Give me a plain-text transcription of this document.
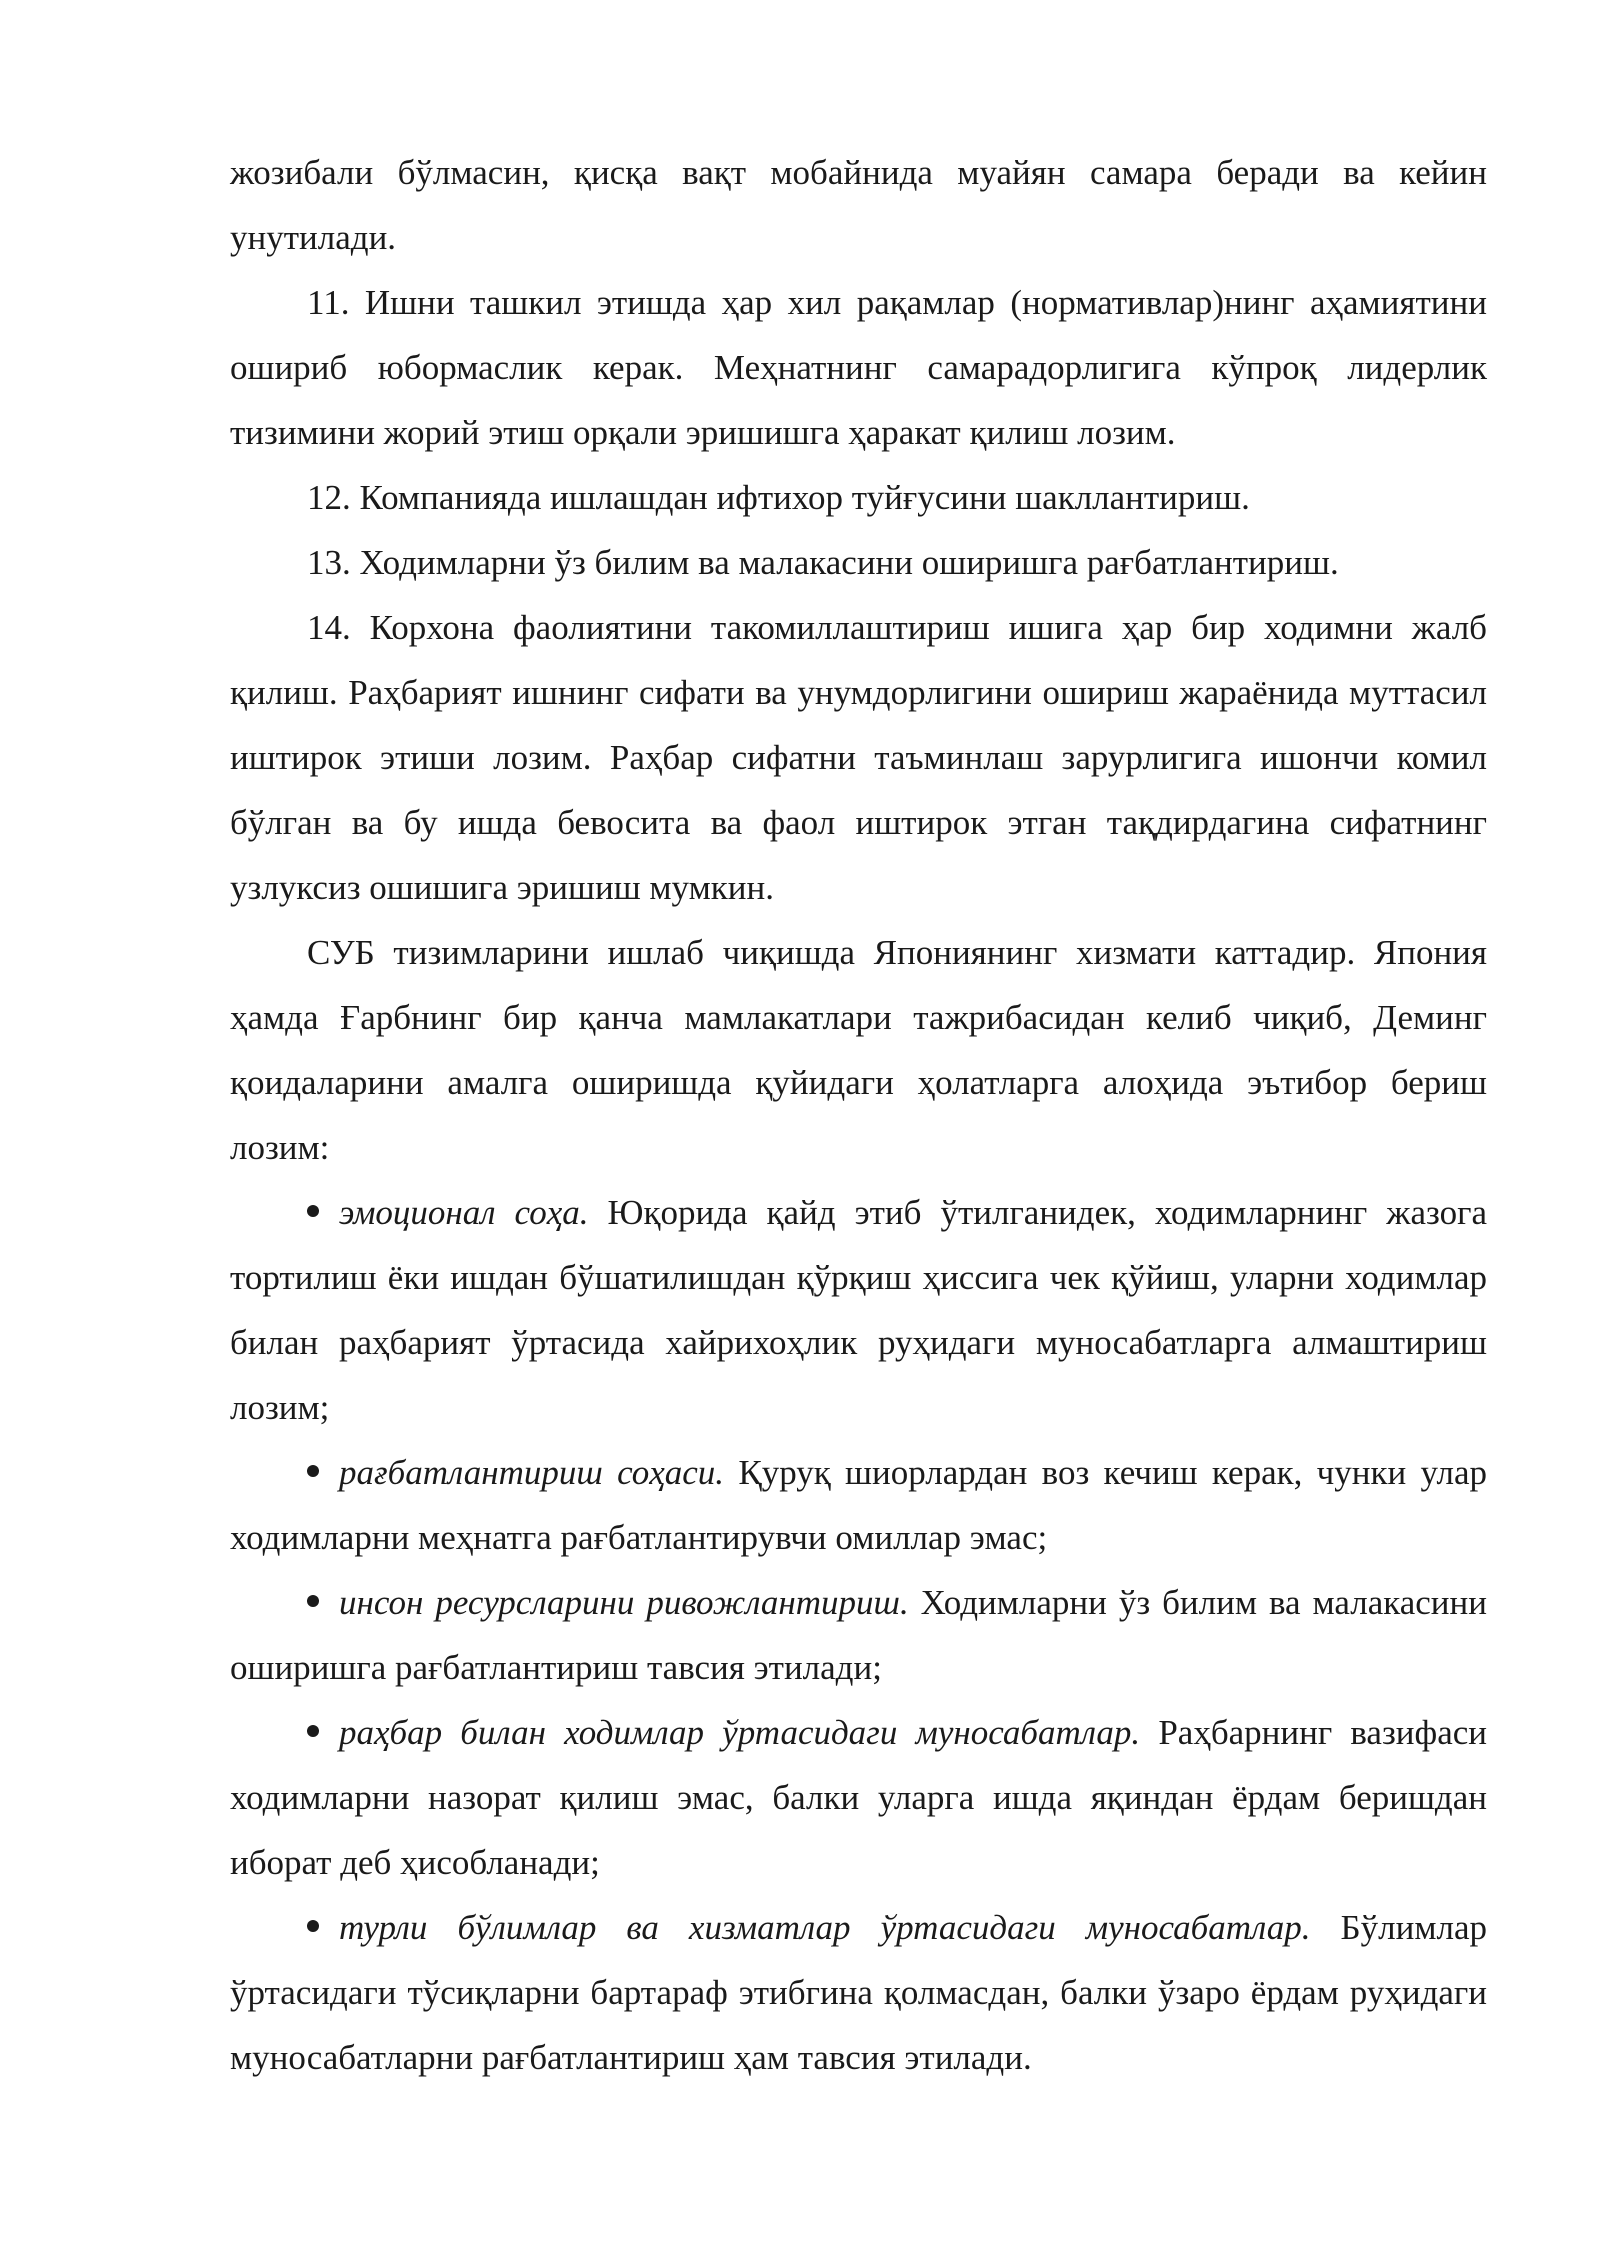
жозибали бўлмасин, қисқа вақт мобайнида муайян самара беради ва кейин унутилади.

11. Ишни ташкил этишда ҳар хил рақамлар (нормативлар)нинг аҳамиятини ошириб юбормаслик керак. Меҳнатнинг самарадорлигига кўпроқ лидерлик тизимини жорий этиш орқали эришишга ҳаракат қилиш лозим.

12. Компанияда ишлашдан ифтихор туйғусини шакллантириш.

13. Ходимларни ўз билим ва малакасини оширишга рағбатлантириш.

14. Корхона фаолиятини такомиллаштириш ишига ҳар бир ходимни жалб қилиш. Раҳбарият ишнинг сифати ва унумдорлигини ошириш жараёнида муттасил иштирок этиши лозим. Раҳбар сифатни таъминлаш зарурлигига ишончи комил бўлган ва бу ишда бевосита ва фаол иштирок этган тақдирдагина сифатнинг узлуксиз ошишига эришиш мумкин.

СУБ тизимларини ишлаб чиқишда Япониянинг хизмати каттадир. Япония ҳамда Ғарбнинг бир қанча мамлакатлари тажрибасидан келиб чиқиб, Деминг қоидаларини амалга оширишда қуйидаги ҳолатларга алоҳида эътибор бериш лозим:

эмоционал соҳа. Юқорида қайд этиб ўтилганидек, ходимларнинг жазога тортилиш ёки ишдан бўшатилишдан қўрқиш ҳиссига чек қўйиш, уларни ходимлар билан раҳбарият ўртасида хайрихоҳлик руҳидаги муносабатларга алмаштириш лозим;

рағбатлантириш соҳаси. Қуруқ шиорлардан воз кечиш керак, чунки улар ходимларни меҳнатга рағбатлантирувчи омиллар эмас;

инсон ресурсларини ривожлантириш. Ходимларни ўз билим ва малакасини оширишга рағбатлантириш тавсия этилади;

раҳбар билан ходимлар ўртасидаги муносабатлар. Раҳбарнинг вазифаси ходимларни назорат қилиш эмас, балки уларга ишда яқиндан ёрдам беришдан иборат деб ҳисобланади;

турли бўлимлар ва хизматлар ўртасидаги муносабатлар. Бўлимлар ўртасидаги тўсиқларни бартараф этибгина қолмасдан, балки ўзаро ёрдам руҳидаги муносабатларни рағбатлантириш ҳам тавсия этилади.
